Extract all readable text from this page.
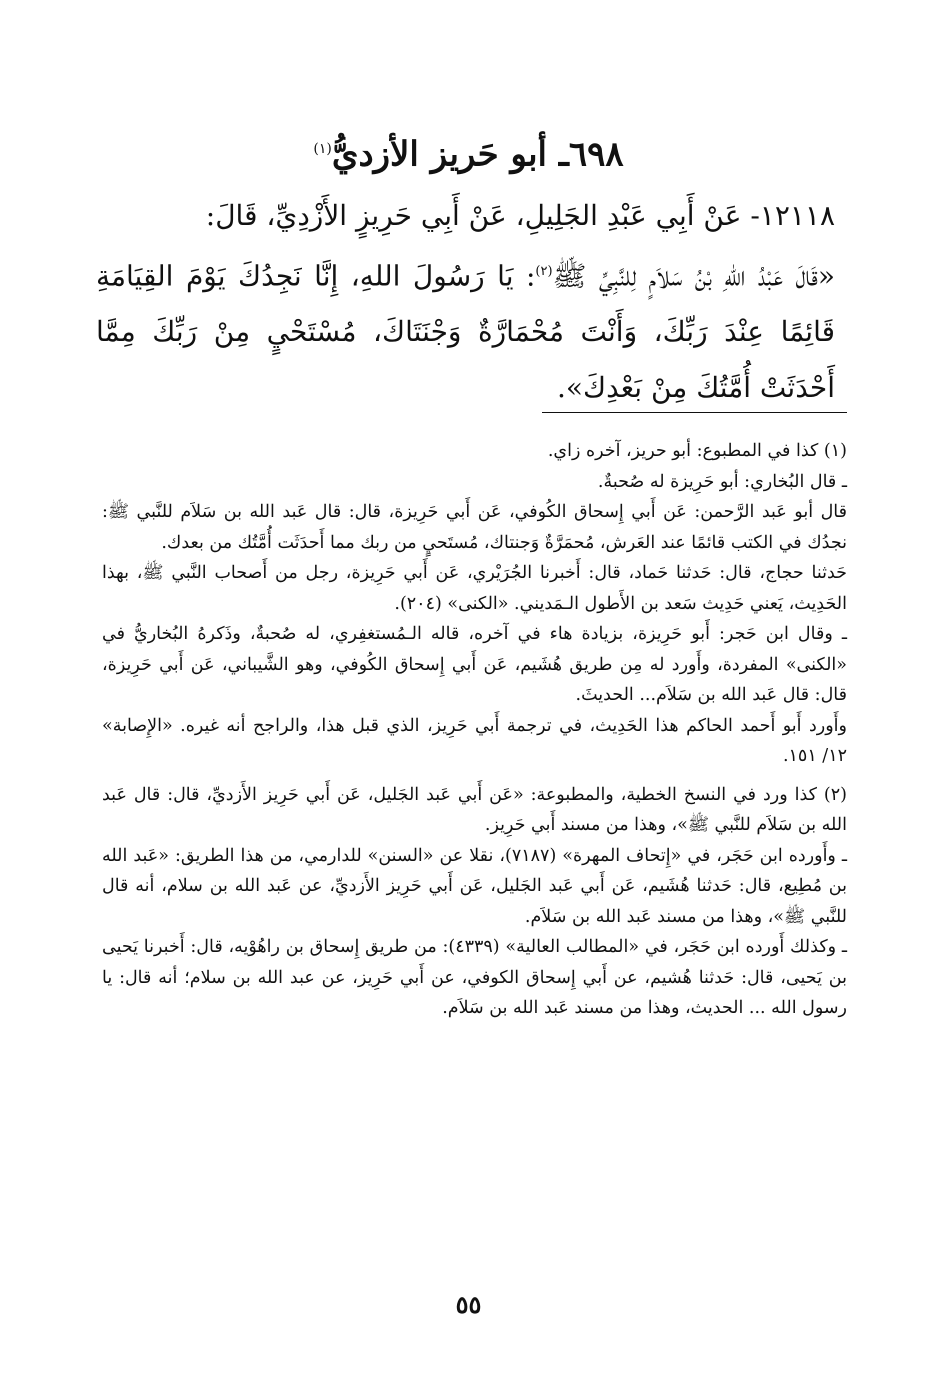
٦٩٨ـ أبو حَريز الأزديُّ$^{(١)}$

١٢١١٨- عَنْ أَبِي عَبْدِ الجَلِيلِ، عَنْ أَبِي حَرِيزٍ الأَزْدِيِّ، قَالَ:

«قَالَ عَبْدُ اللهِ بْنُ سَلاَمٍ لِلنَّبِيِّ ﷺ$^{(٢)}$: يَا رَسُولَ اللهِ، إِنَّا نَجِدُكَ يَوْمَ القِيَامَةِ قَائِمًا عِنْدَ رَبِّكَ، وَأَنْتَ مُحْمَارَّةٌ وَجْنَتَاكَ، مُسْتَحْيٍ مِنْ رَبِّكَ مِمَّا أَحْدَثَتْ أُمَّتُكَ مِنْ بَعْدِكَ».

(١) كذا في المطبوع: أبو حريز، آخره زاي.

ـ قال البُخاري: أبو حَرِيزة له صُحبةٌ.

قال أبو عَبد الرَّحمن: عَن أَبي إِسحاق الكُوفي، عَن أَبي حَرِيزة، قال: قال عَبد الله بن سَلاَم للنَّبي ﷺ: نجدُك في الكتب قائمًا عند العَرش، مُحمَرَّةٌ وَجنتاك، مُستَحيٍ من ربك مما أَحدَثَت أُمَّتُك من بعدك.

حَدثنا حجاج، قال: حَدثنا حَماد، قال: أَخبرنا الجُرَيْري، عَن أَبي حَرِيزة، رجل من أَصحاب النَّبي ﷺ، بهذا الحَدِيث، يَعني حَدِيث سَعد بن الأَطول الـمَديني. «الكنى» (٢٠٤).

ـ وقال ابن حَجر: أَبو حَرِيزة، بزيادة هاء في آخره، قاله الـمُستغفِري، له صُحبةٌ، وذَكرهُ البُخاريُّ في «الكنى» المفردة، وأَورد له مِن طريق هُشَيم، عَن أَبي إِسحاق الكُوفي، وهو الشَّيباني، عَن أَبي حَرِيزة، قال: قال عَبد الله بن سَلاَم... الحديثَ.

وأَورد أَبو أَحمد الحاكم هذا الحَدِيث، في ترجمة أَبي حَرِيز، الذي قبل هذا، والراجح أنه غيره. «الإِصابة» ١٢/ ١٥١.

(٢) كذا ورد في النسخ الخطية، والمطبوعة: «عَن أَبي عَبد الجَليل، عَن أَبي حَرِيز الأَزديِّ، قال: قال عَبد الله بن سَلاَم للنَّبي ﷺ»، وهذا من مسند أَبي حَرِيز.

ـ وأَورده ابن حَجَر، في «إِتحاف المهرة» (٧١٨٧)، نقلا عن «السنن» للدارمي، من هذا الطريق: «عَبد الله بن مُطِيع، قال: حَدثنا هُشَيم، عَن أَبي عَبد الجَليل، عَن أَبي حَرِيز الأَزديِّ، عن عَبد الله بن سلام، أنه قال للنَّبي ﷺ»، وهذا من مسند عَبد الله بن سَلاَم.

ـ وكذلك أَورده ابن حَجَر، في «المطالب العالية» (٤٣٣٩): من طريق إِسحاق بن راهُوْيه، قال: أَخبرنا يَحيى بن يَحيى، قال: حَدثنا هُشيم، عن أَبي إِسحاق الكوفي، عن أَبي حَرِيز، عن عبد الله بن سلام؛ أنه قال: يا رسول الله ... الحديث، وهذا من مسند عَبد الله بن سَلاَم.

٥٥
